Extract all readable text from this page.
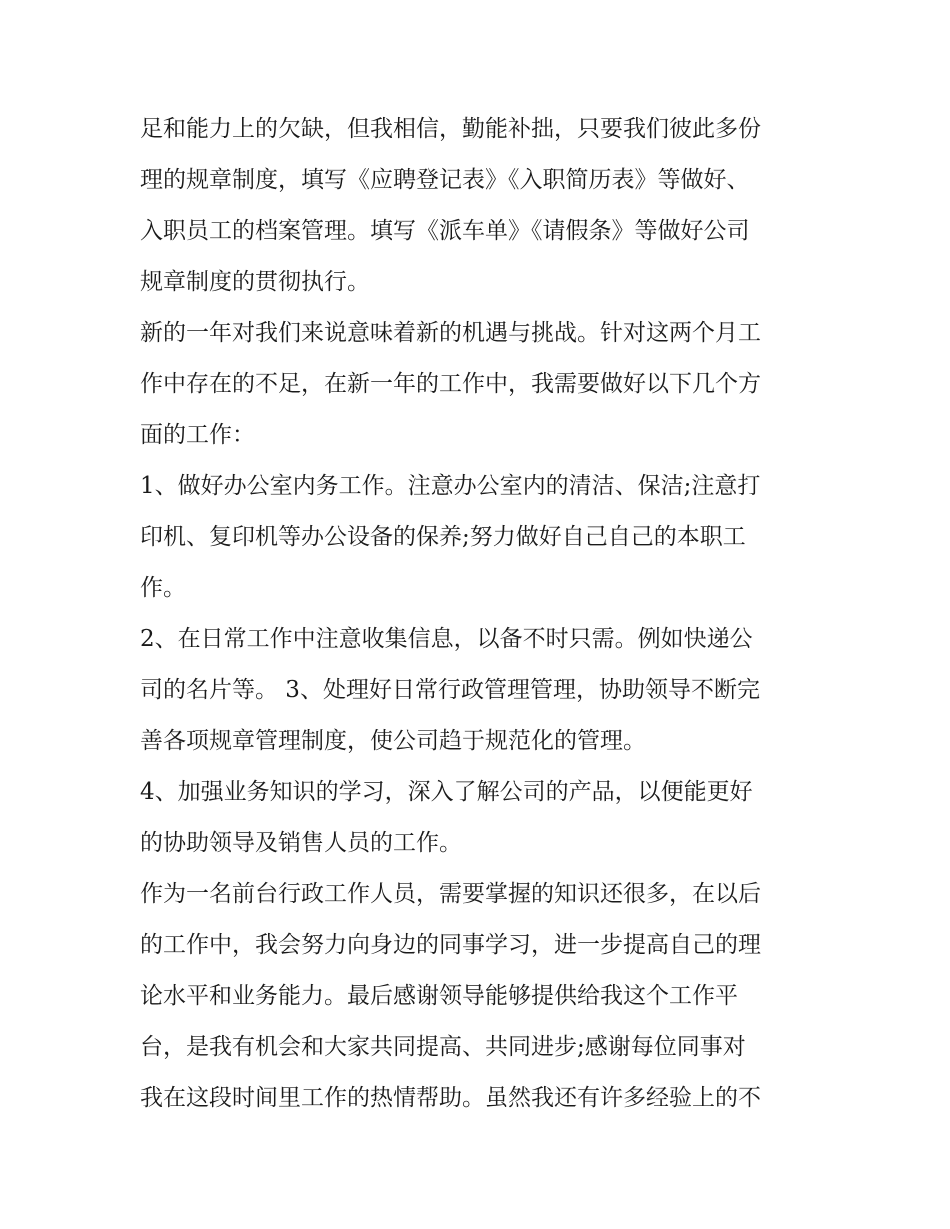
足和能力上的欠缺，但我相信，勤能补拙，只要我们彼此多份
理的规章制度，填写《应聘登记表》《入职简历表》等做好、
入职员工的档案管理。填写《派车单》《请假条》等做好公司
规章制度的贯彻执行。
新的一年对我们来说意味着新的机遇与挑战。针对这两个月工
作中存在的不足，在新一年的工作中，我需要做好以下几个方
面的工作：
1、做好办公室内务工作。注意办公室内的清洁、保洁;注意打
印机、复印机等办公设备的保养;努力做好自己自己的本职工
作。
2、在日常工作中注意收集信息，以备不时只需。例如快递公
司的名片等。 3、处理好日常行政管理管理，协助领导不断完
善各项规章管理制度，使公司趋于规范化的管理。
4、加强业务知识的学习，深入了解公司的产品，以便能更好
的协助领导及销售人员的工作。
作为一名前台行政工作人员，需要掌握的知识还很多，在以后
的工作中，我会努力向身边的同事学习，进一步提高自己的理
论水平和业务能力。最后感谢领导能够提供给我这个工作平
台，是我有机会和大家共同提高、共同进步;感谢每位同事对
我在这段时间里工作的热情帮助。虽然我还有许多经验上的不
